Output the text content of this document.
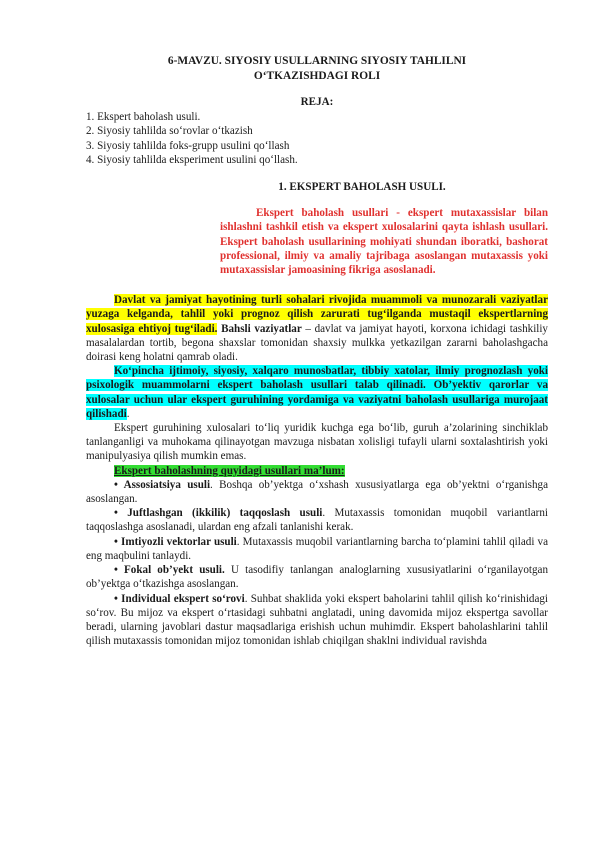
6-MAVZU. SIYOSIY USULLARNING SIYOSIY TAHLILNI
O‘TKAZISHDAGI ROLI
REJA:
1. Ekspert baholash usuli.
2. Siyosiy tahlilda so‘rovlar o‘tkazish
3. Siyosiy tahlilda foks-grupp usulini qo‘llash
4. Siyosiy tahlilda eksperiment usulini qo‘llash.
1. EKSPERT BAHOLASH USULI.
Ekspert baholash usullari - ekspert mutaxassislar bilan ishlashni tashkil etish va ekspert xulosalarini qayta ishlash usullari. Ekspert baholash usullarining mohiyati shundan iboratki, bashorat professional, ilmiy va amaliy tajribaga asoslangan mutaxassis yoki mutaxassislar jamoasining fikriga asoslanadi.

Davlat va jamiyat hayotining turli sohalari rivojida muammoli va munozarali vaziyatlar yuzaga kelganda, tahlil yoki prognoz qilish zarurati tug‘ilganda mustaqil ekspertlarning xulosasiga ehtiyoj tug‘iladi. Bahsli vaziyatlar – davlat va jamiyat hayoti, korxona ichidagi tashkiliy masalalardan tortib, begona shaxslar tomonidan shaxsiy mulkka yetkazilgan zararni baholashgacha doirasi keng holatni qamrab oladi.

Ko‘pincha ijtimoiy, siyosiy, xalqaro munosbatlar, tibbiy xatolar, ilmiy prognozlash yoki psixologik muammolarni ekspert baholash usullari talab qilinadi. Ob’yektiv qarorlar va xulosalar uchun ular ekspert guruhining yordamiga va vaziyatni baholash usullariga murojaat qilishadi.

Ekspert guruhining xulosalari to‘liq yuridik kuchga ega bo‘lib, guruh a’zolarining sinchiklab tanlanganligi va muhokama qilinayotgan mavzuga nisbatan xolisligi tufayli ularni soxtalashtirish yoki manipulyasiya qilish mumkin emas.

Ekspert baholashning quyidagi usullari ma’lum:

• Assosiatsiya usuli. Boshqa ob’yektga o‘xshash xususiyatlarga ega ob’yektni o‘rganishga asoslangan.

• Juftlashgan (ikkilik) taqqoslash usuli. Mutaxassis tomonidan muqobil variantlarni taqqoslashga asoslanadi, ulardan eng afzali tanlanishi kerak.

• Imtiyozli vektorlar usuli. Mutaxassis muqobil variantlarning barcha to‘plamini tahlil qiladi va eng maqbulini tanlaydi.

• Fokal ob’yekt usuli. U tasodifiy tanlangan analoglarning xususiyatlarini o‘rganilayotgan ob’yektga o‘tkazishga asoslangan.

• Individual ekspert so‘rovi. Suhbat shaklida yoki ekspert baholarini tahlil qilish ko‘rinishidagi so‘rov. Bu mijoz va ekspert o‘rtasidagi suhbatni anglatadi, uning davomida mijoz ekspertga savollar beradi, ularning javoblari dastur maqsadlariga erishish uchun muhimdir. Ekspert baholashlarini tahlil qilish mutaxassis tomonidan mijoz tomonidan ishlab chiqilgan shaklni individual ravishda
